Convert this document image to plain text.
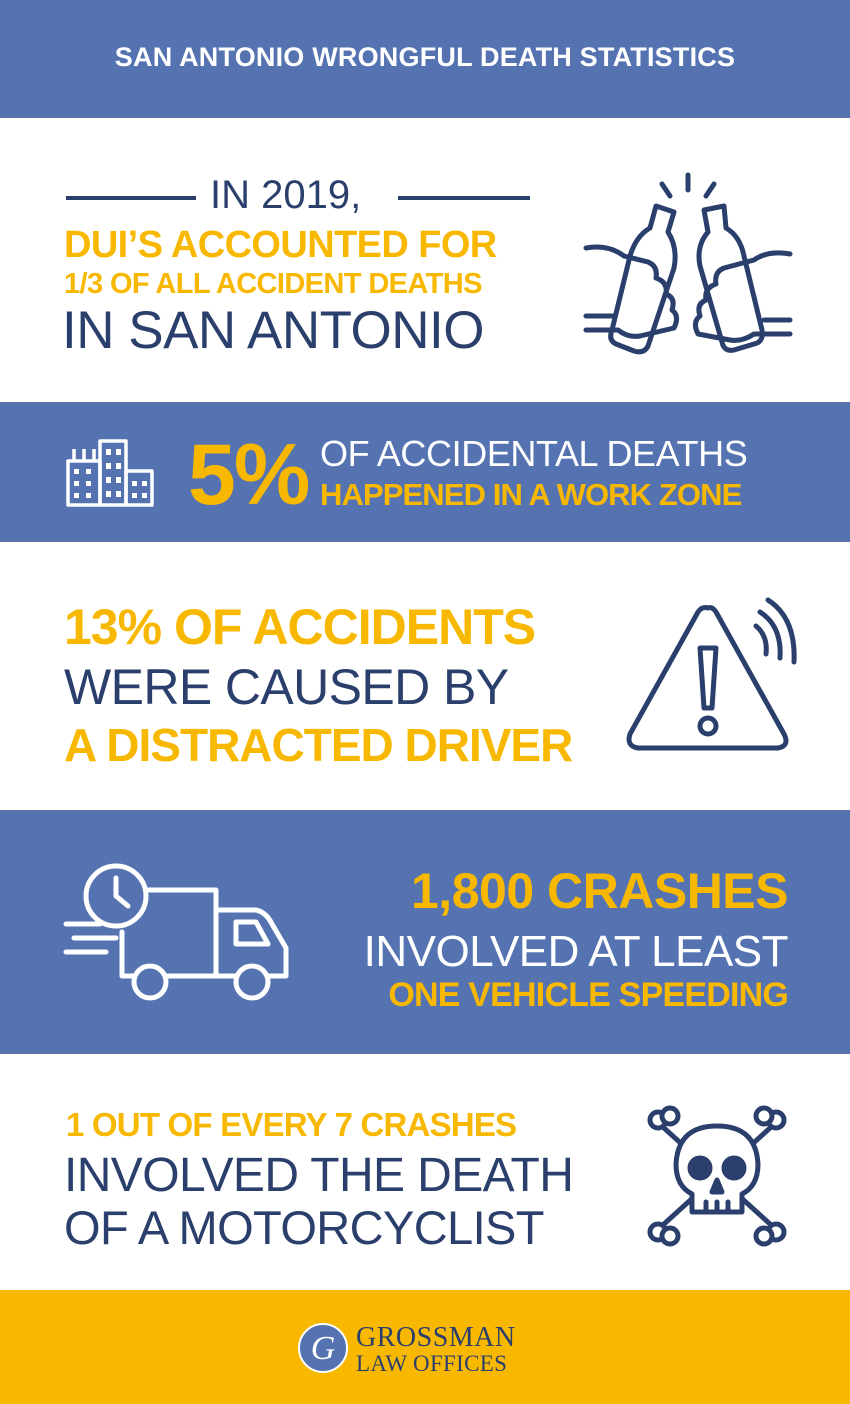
SAN ANTONIO WRONGFUL DEATH STATISTICS
IN 2019,
DUI’S ACCOUNTED FOR
1/3 OF ALL ACCIDENT DEATHS
IN SAN ANTONIO
5% OF ACCIDENTAL DEATHS
HAPPENED IN A WORK ZONE
13% OF ACCIDENTS
WERE CAUSED BY
A DISTRACTED DRIVER
1,800 CRASHES
INVOLVED AT LEAST
ONE VEHICLE SPEEDING
1 OUT OF EVERY 7 CRASHES
INVOLVED THE DEATH
OF A MOTORCYCLIST
G GROSSMAN
LAW OFFICES
